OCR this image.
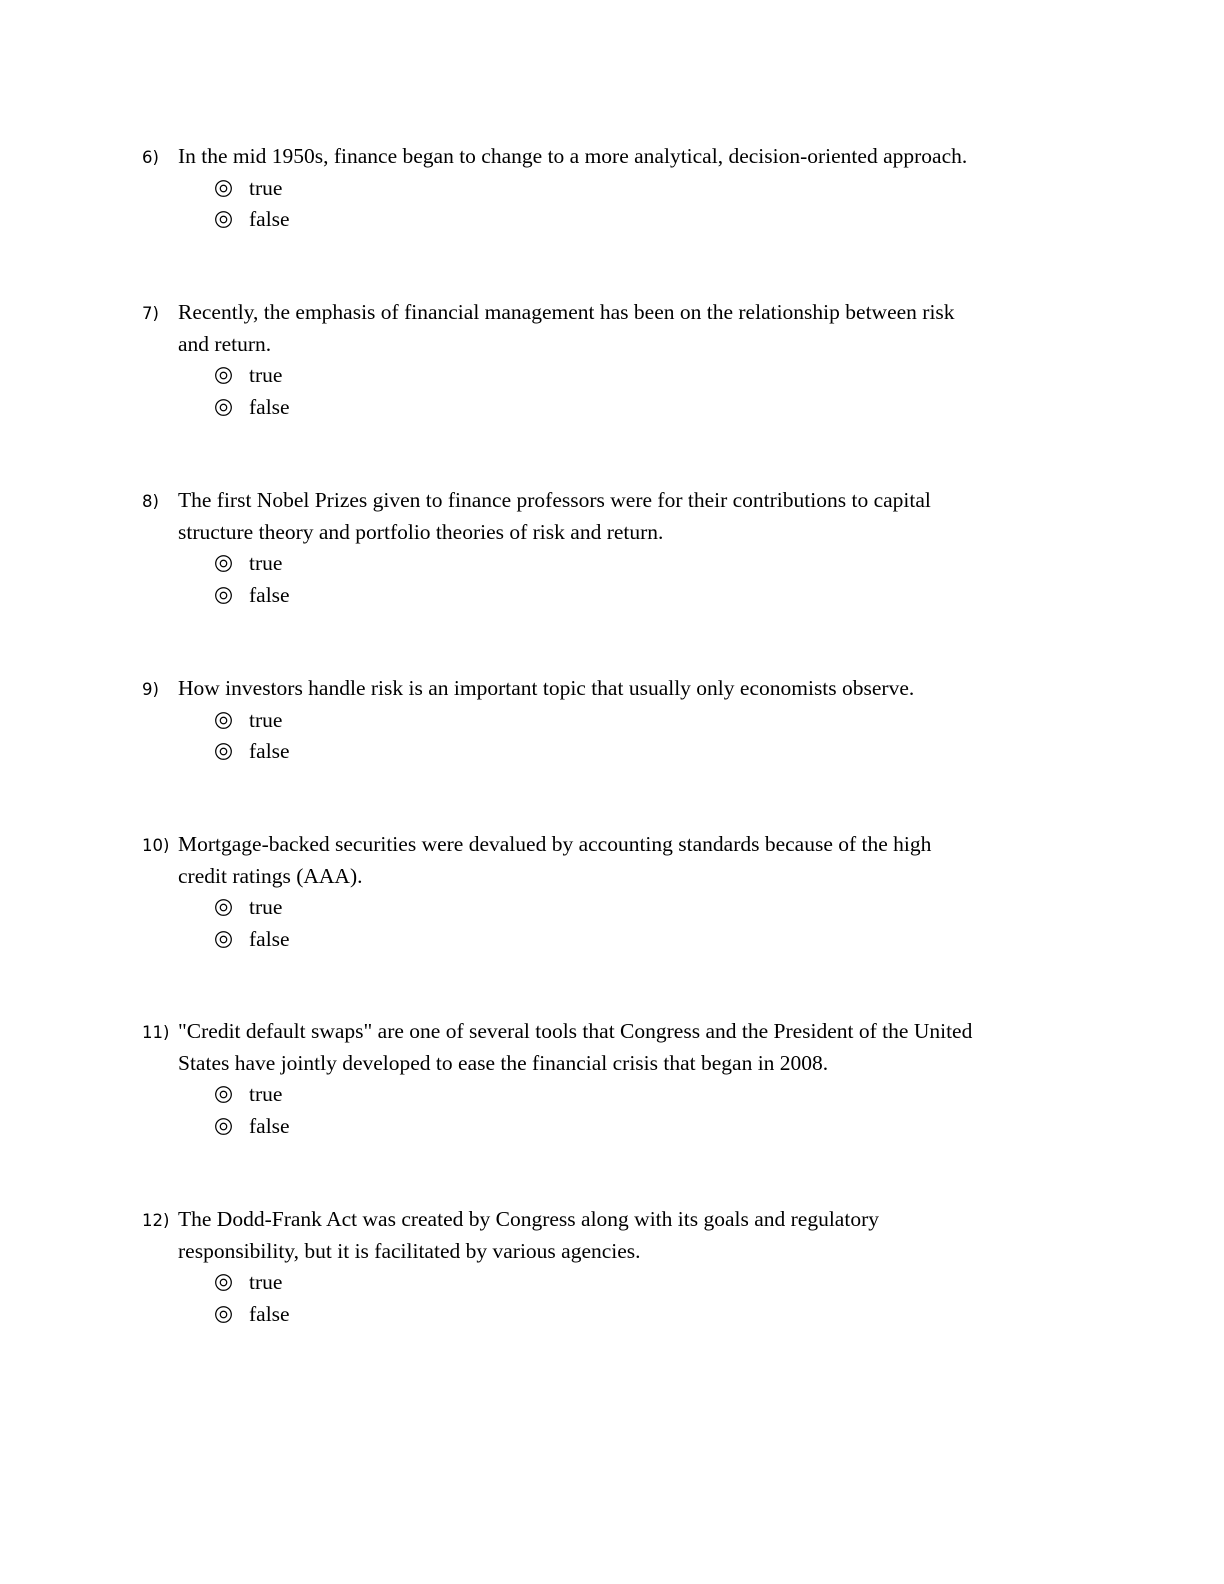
6) In the mid 1950s, finance began to change to a more analytical, decision-oriented approach.
true
false
7) Recently, the emphasis of financial management has been on the relationship between risk
and return.
true
false
8) The first Nobel Prizes given to finance professors were for their contributions to capital
structure theory and portfolio theories of risk and return.
true
false
9) How investors handle risk is an important topic that usually only economists observe.
true
false
10) Mortgage-backed securities were devalued by accounting standards because of the high
credit ratings (AAA).
true
false
11) "Credit default swaps" are one of several tools that Congress and the President of the United
States have jointly developed to ease the financial crisis that began in 2008.
true
false
12) The Dodd-Frank Act was created by Congress along with its goals and regulatory
responsibility, but it is facilitated by various agencies.
true
false
